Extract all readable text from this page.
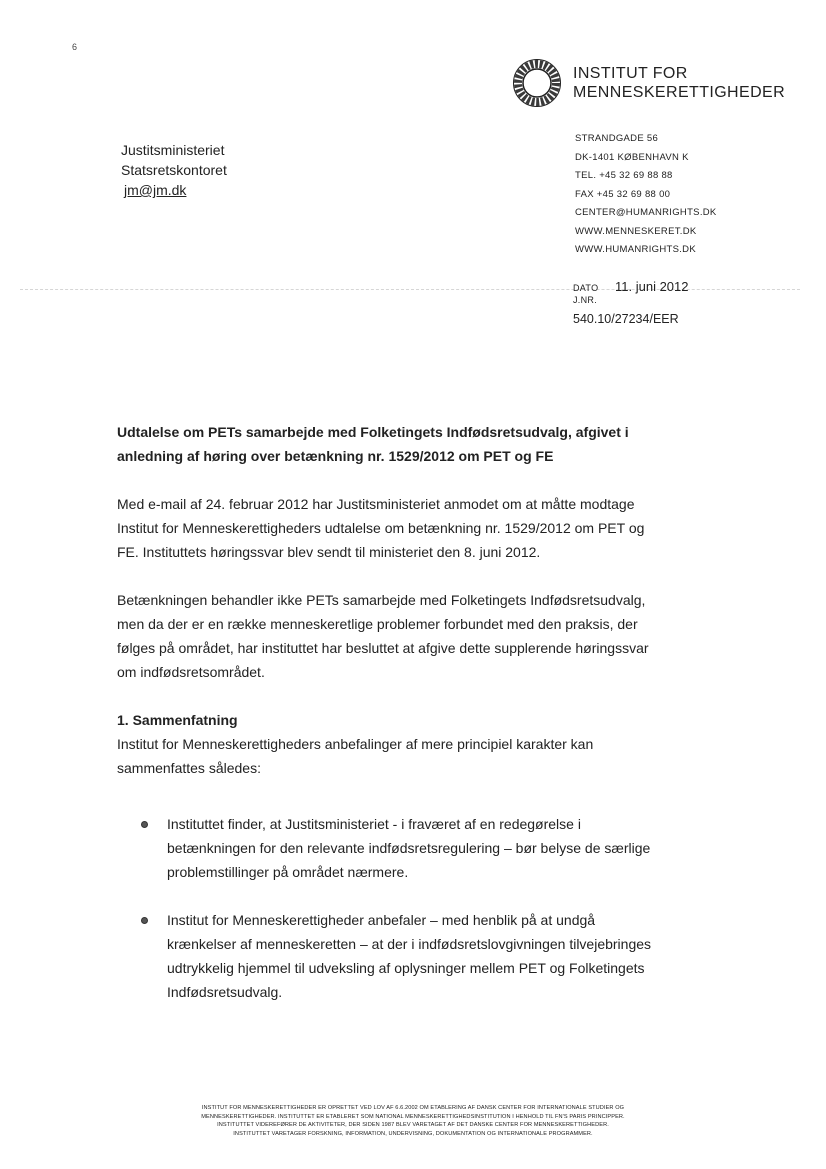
6
INSTITUT FOR
MENNESKERETTIGHEDER
Justitsministeriet
Statsretskontoret
jm@jm.dk
STRANDGADE 56
DK-1401 KØBENHAVN K
TEL. +45 32 69 88 88
FAX +45 32 69 88 00
CENTER@HUMANRIGHTS.DK
WWW.MENNESKERET.DK
WWW.HUMANRIGHTS.DK
DATO	11. juni 2012
J.NR.
540.10/27234/EER
Udtalelse om PETs samarbejde med Folketingets Indfødsretsudvalg, afgivet i anledning af høring over betænkning nr. 1529/2012 om PET og FE

Med e-mail af 24. februar 2012 har Justitsministeriet anmodet om at måtte modtage Institut for Menneskerettigheders udtalelse om betænkning nr. 1529/2012 om PET og FE. Instituttets høringssvar blev sendt til ministeriet den 8. juni 2012.

Betænkningen behandler ikke PETs samarbejde med Folketingets Indfødsretsudvalg, men da der er en række menneskeretlige problemer forbundet med den praksis, der følges på området, har instituttet har besluttet at afgive dette supplerende høringssvar om indfødsretsområdet.

1. Sammenfatning
Institut for Menneskerettigheders anbefalinger af mere principiel karakter kan sammenfattes således:
Instituttet finder, at Justitsministeriet - i fraværet af en redegørelse i betænkningen for den relevante indfødsretsregulering – bør belyse de særlige problemstillinger på området nærmere.
Institut for Menneskerettigheder anbefaler – med henblik på at undgå krænkelser af menneskeretten – at der i indfødsretslovgivningen tilvejebringes udtrykkelig hjemmel til udveksling af oplysninger mellem PET og Folketingets Indfødsretsudvalg.
INSTITUT FOR MENNESKERETTIGHEDER ER OPRETTET VED LOV AF 6.6.2002 OM ETABLERING AF DANSK CENTER FOR INTERNATIONALE STUDIER OG
MENNESKERETTIGHEDER. INSTITUTTET ER ETABLERET SOM NATIONAL MENNESKERETTIGHEDSINSTITUTION I HENHOLD TIL FN'S PARIS PRINCIPPER.
INSTITUTTET VIDEREFØRER DE AKTIVITETER, DER SIDEN 1987 BLEV VARETAGET AF DET DANSKE CENTER FOR MENNESKERETTIGHEDER.
INSTITUTTET VARETAGER FORSKNING, INFORMATION, UNDERVISNING, DOKUMENTATION OG INTERNATIONALE PROGRAMMER.
